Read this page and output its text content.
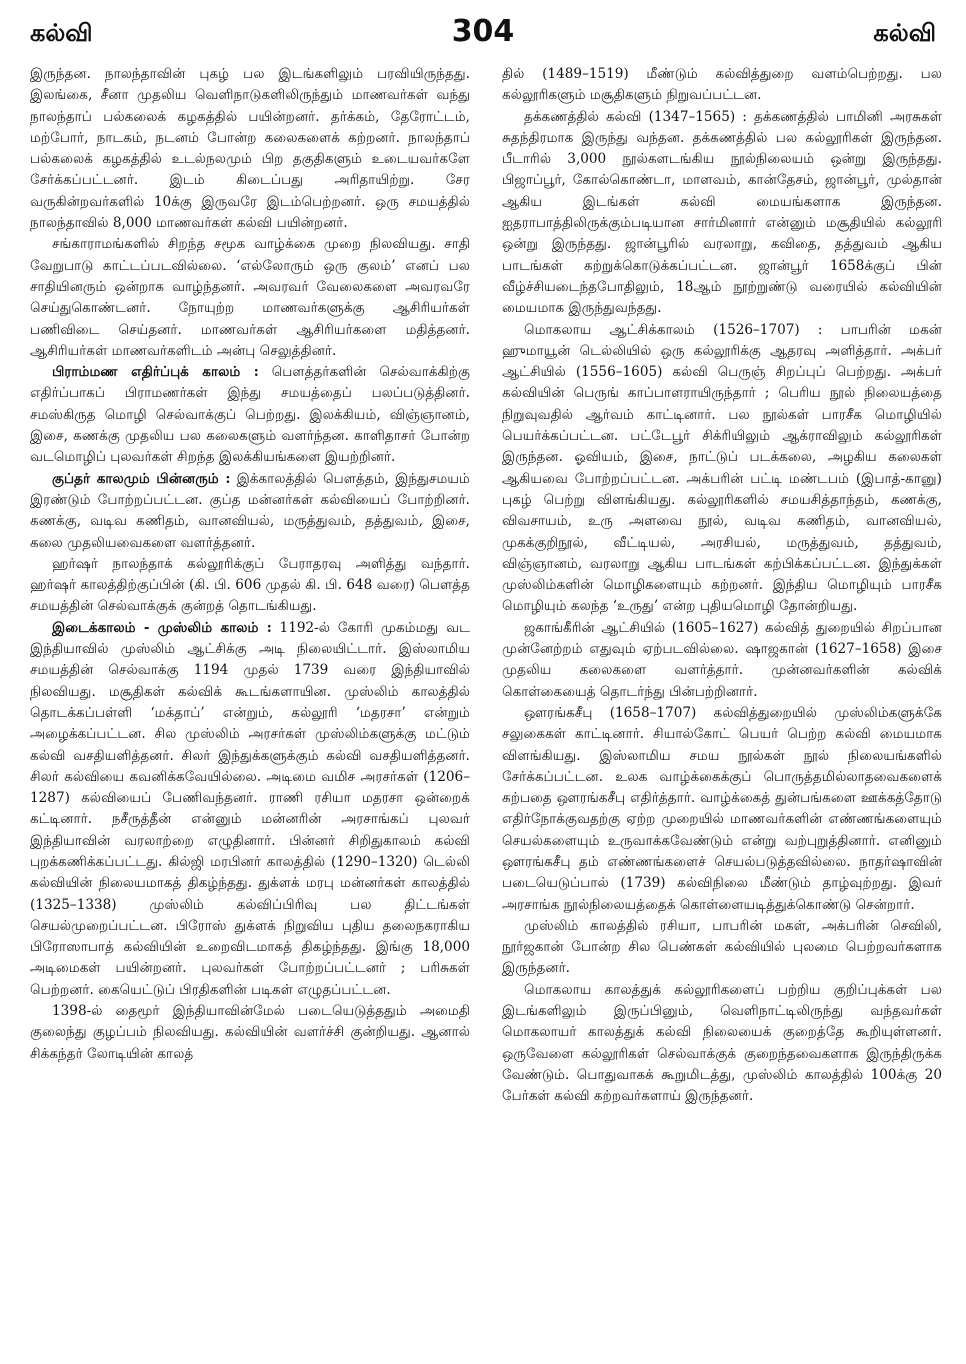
கல்வி	304	கல்வி

இருந்தன. நாலந்தாவின் புகழ் பல இடங்களிலும் பரவியிருந்தது. இலங்கை, சீனா முதலிய வெளிநாடுகளிலிருந்தும் மாணவர்கள் வந்து நாலந்தாப் பல்கலைக் கழகத்தில் பயின்றனர். தர்க்கம், தேரோட்டம், மற்போர், நாடகம், நடனம் போன்ற கலைகளைக் கற்றனர். நாலந்தாப் பல்கலைக் கழகத்தில் உடல்நலமும் பிற தகுதிகளும் உடையவர்களே சேர்க்கப்பட்டனர். இடம் கிடைப்பது அரிதாயிற்று. சேர வருகின்றவர்களில் 10க்கு இருவரே இடம்பெற்றனர். ஒரு சமயத்தில் நாலந்தாவில் 8,000 மாணவர்கள் கல்வி பயின்றனர்.

சங்காராமங்களில் சிறந்த சமூக வாழ்க்கை முறை நிலவியது. சாதி வேறுபாடு காட்டப்படவில்லை. ‘எல்லோரும் ஒரு குலம்’ எனப் பல சாதியினரும் ஒன்றாக வாழ்ந்தனர். அவரவர் வேலைகளை அவரவரே செய்துகொண்டனர். நோயுற்ற மாணவர்களுக்கு ஆசிரியர்கள் பணிவிடை செய்தனர். மாணவர்கள் ஆசிரியர்களை மதித்தனர். ஆசிரியர்கள் மாணவர்களிடம் அன்பு செலுத்தினர்.

பிராம்மண எதிர்ப்புக் காலம் : பௌத்தர்களின் செல்வாக்கிற்கு எதிர்ப்பாகப் பிராமணர்கள் இந்து சமயத்தைப் பலப்படுத்தினர். சமஸ்கிருத மொழி செல்வாக்குப் பெற்றது. இலக்கியம், விஞ்ஞானம், இசை, கணக்கு முதலிய பல கலைகளும் வளர்ந்தன. காளிதாசர் போன்ற வடமொழிப் புலவர்கள் சிறந்த இலக்கியங்களை இயற்றினர்.

குப்தர் காலமும் பின்னரும் : இக்காலத்தில் பௌத்தம், இந்துசமயம் இரண்டும் போற்றப்பட்டன. குப்த மன்னர்கள் கல்வியைப் போற்றினர். கணக்கு, வடிவ கணிதம், வானவியல், மருத்துவம், தத்துவம், இசை, கலை முதலியவைகளை வளர்த்தனர்.

ஹர்ஷர் நாலந்தாக் கல்லூரிக்குப் பேராதரவு அளித்து வந்தார். ஹர்ஷர் காலத்திற்குப்பின் (கி. பி. 606 முதல் கி. பி. 648 வரை) பௌத்த சமயத்தின் செல்வாக்குக் குன்றத் தொடங்கியது.

இடைக்காலம் - முஸ்லிம் காலம் : 1192-ல் கோரி முகம்மது வட இந்தியாவில் முஸ்லிம் ஆட்சிக்கு அடி நிலையிட்டார். இஸ்லாமிய சமயத்தின் செல்வாக்கு 1194 முதல் 1739 வரை இந்தியாவில் நிலவியது. மசூதிகள் கல்விக் கூடங்களாயின. முஸ்லிம் காலத்தில் தொடக்கப்பள்ளி ‘மக்தாப்’ என்றும், கல்லூரி ‘மதரசா’ என்றும் அழைக்கப்பட்டன. சில முஸ்லிம் அரசர்கள் முஸ்லிம்களுக்கு மட்டும் கல்வி வசதியளித்தனர். சிலர் இந்துக்களுக்கும் கல்வி வசதியளித்தனர். சிலர் கல்வியை கவனிக்கவேயில்லை. அடிமை வமிச அரசர்கள் (1206–1287) கல்வியைப் பேணிவந்தனர். ராணி ரசியா மதரசா ஒன்றைக் கட்டினார். நசீருத்தீன் என்னும் மன்னரின் அரசாங்கப் புலவர் இந்தியாவின் வரலாற்றை எழுதினார். பின்னர் சிறிதுகாலம் கல்வி புறக்கணிக்கப்பட்டது. கில்ஜி மரபினர் காலத்தில் (1290–1320) டெல்லி கல்வியின் நிலையமாகத் திகழ்ந்தது. துக்ளக் மரபு மன்னர்கள் காலத்தில் (1325–1338) முஸ்லிம் கல்விப்பிரிவு பல திட்டங்கள் செயல்முறைப்பட்டன. பிரோஸ் துக்ளக் நிறுவிய புதிய தலைநகராகிய பிரோஸாபாத் கல்வியின் உறைவிடமாகத் திகழ்ந்தது. இங்கு 18,000 அடிமைகள் பயின்றனர். புலவர்கள் போற்றப்பட்டனர் ; பரிசுகள் பெற்றனர். கையெட்டுப் பிரதிகளின் படிகள் எழுதப்பட்டன.

1398-ல் தைமூர் இந்தியாவின்மேல் படையெடுத்ததும் அமைதி குலைந்து குழப்பம் நிலவியது. கல்வியின் வளர்ச்சி குன்றியது. ஆனால் சிக்கந்தர் லோடியின் காலத்

தில் (1489–1519) மீண்டும் கல்வித்துறை வளம்பெற்றது. பல கல்லூரிகளும் மசூதிகளும் நிறுவப்பட்டன.

தக்கணத்தில் கல்வி (1347–1565) : தக்கணத்தில் பாமினி அரசுகள் சுதந்திரமாக இருந்து வந்தன. தக்கணத்தில் பல கல்லூரிகள் இருந்தன. பீடாரில் 3,000 நூல்களடங்கிய நூல்நிலையம் ஒன்று இருந்தது. பிஜாப்பூர், கோல்கொண்டா, மாளவம், கான்தேசம், ஜான்பூர், முல்தான் ஆகிய இடங்கள் கல்வி மையங்களாக இருந்தன. ஐதராபாத்திலிருக்கும்படியான சார்மினார் என்னும் மசூதியில் கல்லூரி ஒன்று இருந்தது. ஜான்பூரில் வரலாறு, கவிதை, தத்துவம் ஆகிய பாடங்கள் கற்றுக்கொடுக்கப்பட்டன. ஜான்பூர் 1658க்குப் பின் வீழ்ச்சியடைந்தபோதிலும், 18ஆம் நூற்றுண்டு வரையில் கல்வியின் மையமாக இருந்துவந்தது.

மொகலாய ஆட்சிக்காலம் (1526–1707) : பாபரின் மகன் ஹுமாயூன் டெல்லியில் ஒரு கல்லூரிக்கு ஆதரவு அளித்தார். அக்பர் ஆட்சியில் (1556–1605) கல்வி பெருஞ் சிறப்புப் பெற்றது. அக்பர் கல்வியின் பெருங் காப்பாளராயிருந்தார் ; பெரிய நூல் நிலையத்தை நிறுவுவதில் ஆர்வம் காட்டினார். பல நூல்கள் பாரசீக மொழியில் பெயர்க்கப்பட்டன. பட்டேபூர் சிக்ரியிலும் ஆக்ராவிலும் கல்லூரிகள் இருந்தன. ஓவியம், இசை, நாட்டுப் படக்கலை, அழகிய கலைகள் ஆகியவை போற்றப்பட்டன. அக்பரின் பட்டி மண்டபம் (இபாத்-கானு) புகழ் பெற்று விளங்கியது. கல்லூரிகளில் சமயசித்தாந்தம், கணக்கு, விவசாயம், உரு அளவை நூல், வடிவ கணிதம், வானவியல், முகக்குறிநூல், வீட்டியல், அரசியல், மருத்துவம், தத்துவம், விஞ்ஞானம், வரலாறு ஆகிய பாடங்கள் கற்பிக்கப்பட்டன. இந்துக்கள் முஸ்லிம்களின் மொழிகளையும் கற்றனர். இந்திய மொழியும் பாரசீக மொழியும் கலந்த ‘உருது’ என்ற புதியமொழி தோன்றியது.

ஜகாங்கீரின் ஆட்சியில் (1605–1627) கல்வித் துறையில் சிறப்பான முன்னேற்றம் எதுவும் ஏற்படவில்லை. ஷாஜகான் (1627–1658) இசை முதலிய கலைகளை வளர்த்தார். முன்னவர்களின் கல்விக் கொள்கையைத் தொடர்ந்து பின்பற்றினார்.

ஔரங்கசீபு (1658–1707) கல்வித்துறையில் முஸ்லிம்களுக்கே சலுகைகள் காட்டினார். சியால்கோட் பெயர் பெற்ற கல்வி மையமாக விளங்கியது. இஸ்லாமிய சமய நூல்கள் நூல் நிலையங்களில் சேர்க்கப்பட்டன. உலக வாழ்க்கைக்குப் பொருத்தமில்லாதவைகளைக் கற்பதை ஔரங்கசீபு எதிர்த்தார். வாழ்க்கைத் துன்பங்களை ஊக்கத்தோடு எதிர்நோக்குவதற்கு ஏற்ற முறையில் மாணவர்களின் எண்ணங்களையும் செயல்களையும் உருவாக்கவேண்டும் என்று வற்புறுத்தினார். எனினும் ஔரங்கசீபு தம் எண்ணங்களைச் செயல்படுத்தவில்லை. நாதர்ஷாவின் படையெடுப்பால் (1739) கல்விநிலை மீண்டும் தாழ்வுற்றது. இவர் அரசாங்க நூல்நிலையத்தைக் கொள்ளையடித்துக்கொண்டு சென்றார்.

முஸ்லிம் காலத்தில் ரசியா, பாபரின் மகள், அக்பரின் செவிலி, நூர்ஜகான் போன்ற சில பெண்கள் கல்வியில் புலமை பெற்றவர்களாக இருந்தனர்.

மொகலாய காலத்துக் கல்லூரிகளைப் பற்றிய குறிப்புக்கள் பல இடங்களிலும் இருப்பினும், வெளிநாட்டிலிருந்து வந்தவர்கள் மொகலாயர் காலத்துக் கல்வி நிலையைக் குறைத்தே கூறியுள்ளனர். ஒருவேளை கல்லூரிகள் செல்வாக்குக் குறைந்தவைகளாக இருந்திருக்க வேண்டும். பொதுவாகக் கூறுமிடத்து, முஸ்லிம் காலத்தில் 100க்கு 20 பேர்கள் கல்வி கற்றவர்களாய் இருந்தனர்.
